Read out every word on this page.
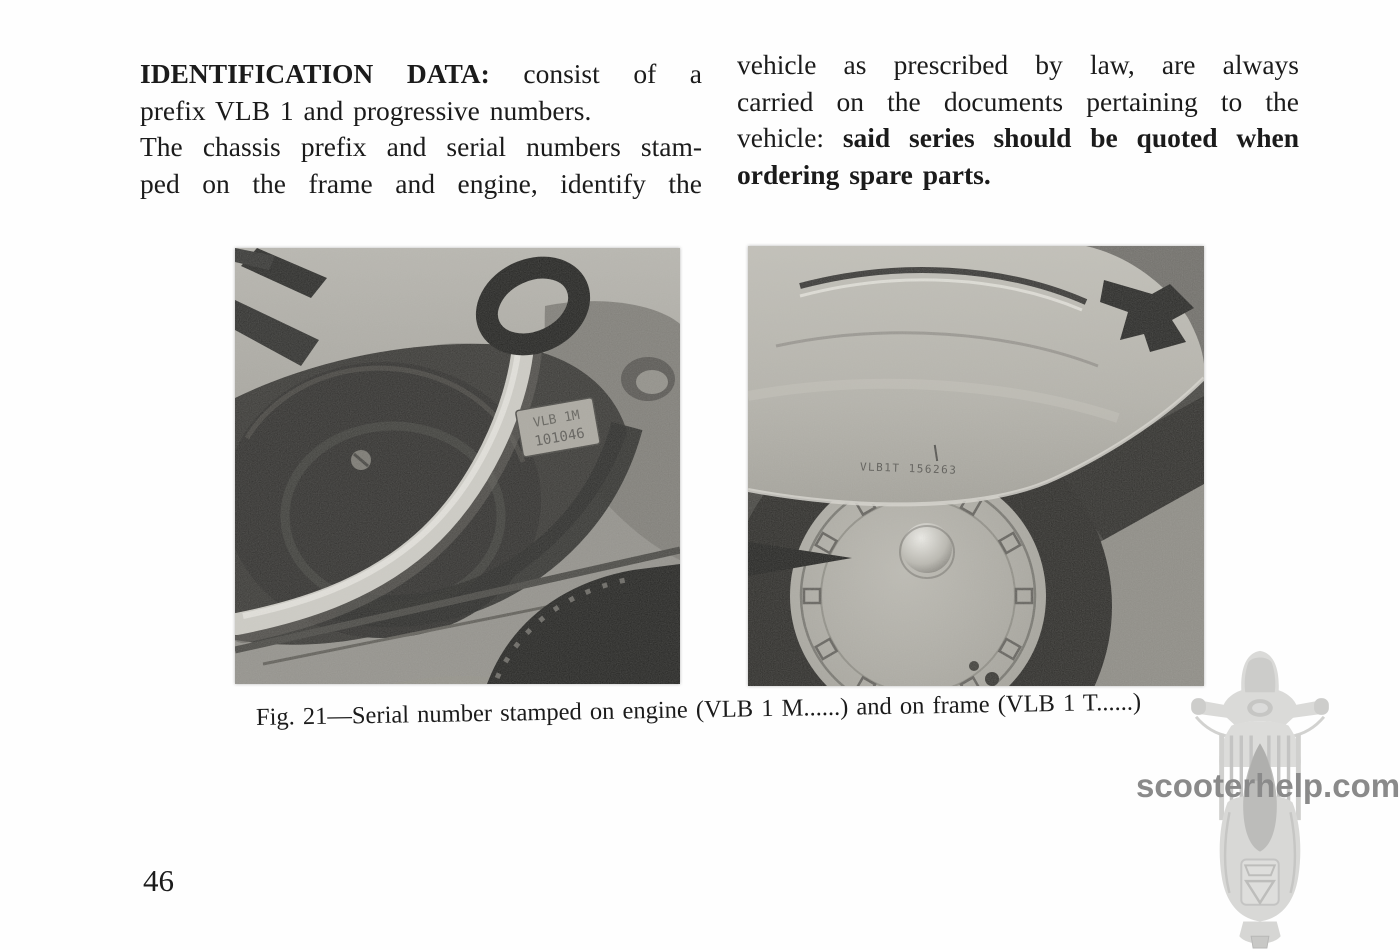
IDENTIFICATION DATA: consist of a
prefix VLB 1 and progressive numbers.
The chassis prefix and serial numbers stam-
ped on the frame and engine, identify the
vehicle as prescribed by law, are always
carried on the documents pertaining to the
vehicle: said series should be quoted when
ordering spare parts.
Fig. 21—Serial number stamped on engine (VLB 1 M......) and on frame (VLB 1 T......)
46
scooterhelp.com
